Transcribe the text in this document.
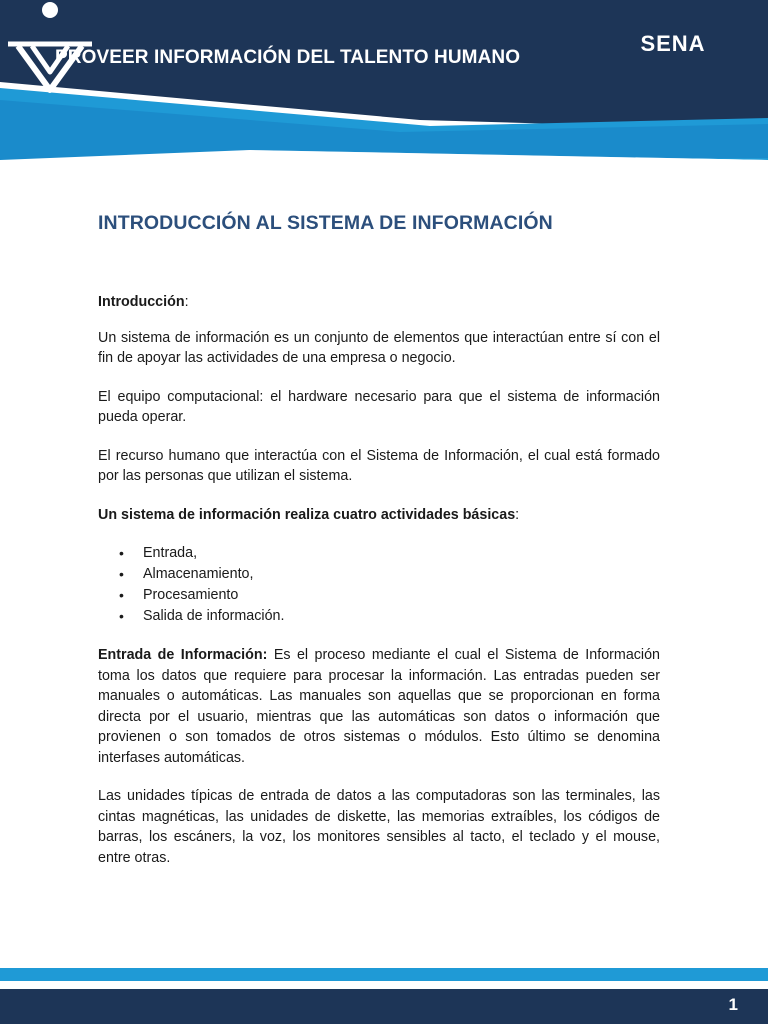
PROVEER INFORMACIÓN DEL TALENTO HUMANO
SENA
INTRODUCCIÓN AL SISTEMA DE INFORMACIÓN

Introducción:

Un sistema de información es un conjunto de elementos que interactúan entre sí con el fin de apoyar las actividades de una empresa o negocio.

El equipo computacional: el hardware necesario para que el sistema de información pueda operar.

El recurso humano que interactúa con el Sistema de Información, el cual está formado por las personas que utilizan el sistema.

Un sistema de información realiza cuatro actividades básicas:

• Entrada,
• Almacenamiento,
• Procesamiento
• Salida de información.

Entrada de Información: Es el proceso mediante el cual el Sistema de Información toma los datos que requiere para procesar la información. Las entradas pueden ser manuales o automáticas. Las manuales son aquellas que se proporcionan en forma directa por el usuario, mientras que las automáticas son datos o información que provienen o son tomados de otros sistemas o módulos. Esto último se denomina interfases automáticas.

Las unidades típicas de entrada de datos a las computadoras son las terminales, las cintas magnéticas, las unidades de diskette, las memorias extraíbles, los códigos de barras, los escáners, la voz, los monitores sensibles al tacto, el teclado y el mouse, entre otras.

1
